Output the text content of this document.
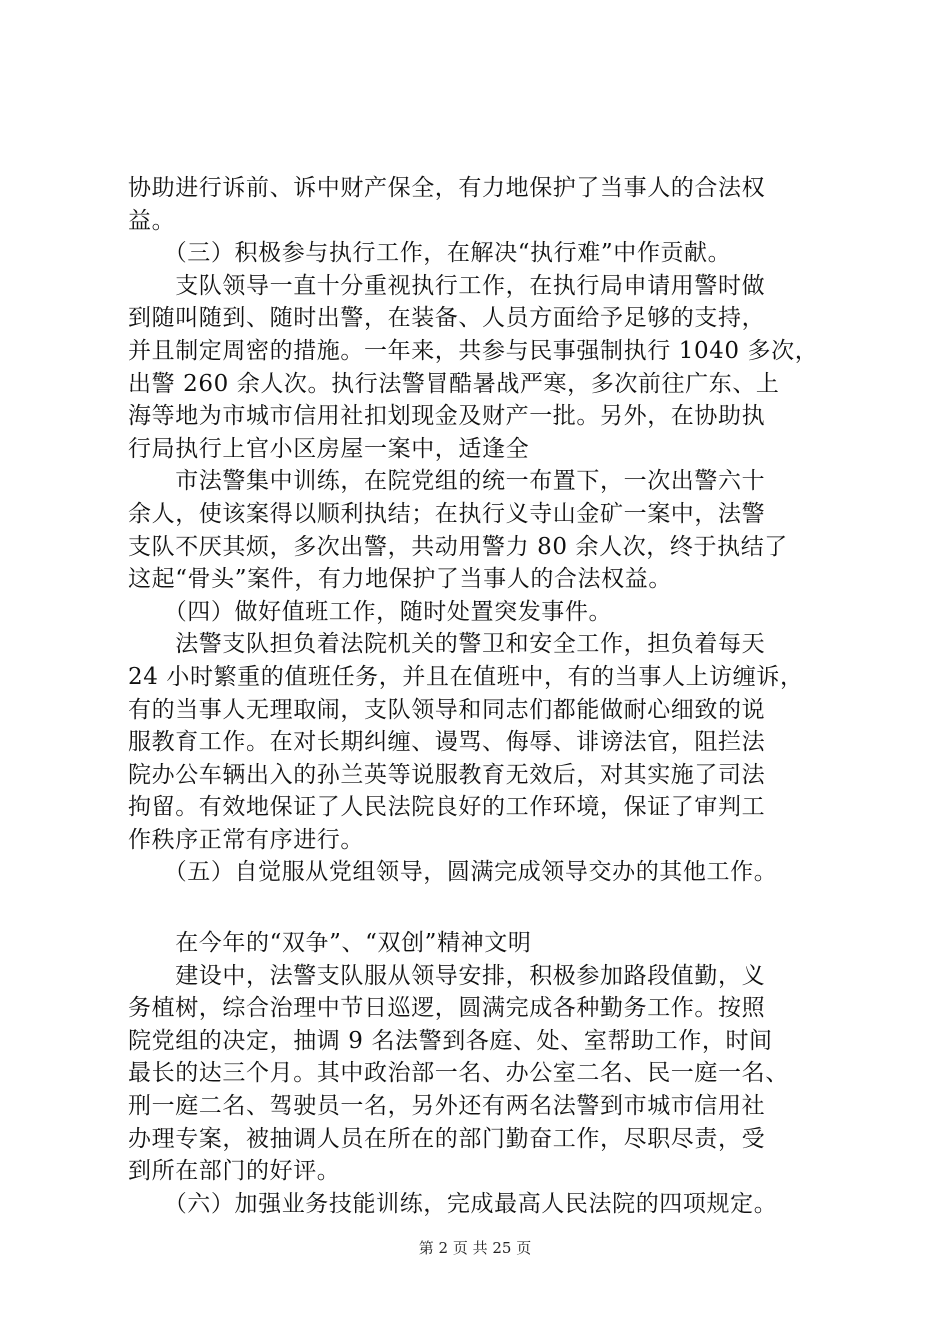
协助进行诉前、诉中财产保全，有力地保护了当事人的合法权
益。
　　（三）积极参与执行工作，在解决“执行难”中作贡献。
　　支队领导一直十分重视执行工作，在执行局申请用警时做
到随叫随到、随时出警，在装备、人员方面给予足够的支持，
并且制定周密的措施。一年来，共参与民事强制执行 1040 多次，
出警 260 余人次。执行法警冒酷暑战严寒，多次前往广东、上
海等地为市城市信用社扣划现金及财产一批。另外，在协助执
行局执行上官小区房屋一案中，适逢全
　　市法警集中训练，在院党组的统一布置下，一次出警六十
余人，使该案得以顺利执结；在执行义寺山金矿一案中，法警
支队不厌其烦，多次出警，共动用警力 80 余人次，终于执结了
这起“骨头”案件，有力地保护了当事人的合法权益。
　　（四）做好值班工作，随时处置突发事件。
　　法警支队担负着法院机关的警卫和安全工作，担负着每天
24 小时繁重的值班任务，并且在值班中，有的当事人上访缠诉，
有的当事人无理取闹，支队领导和同志们都能做耐心细致的说
服教育工作。在对长期纠缠、谩骂、侮辱、诽谤法官，阻拦法
院办公车辆出入的孙兰英等说服教育无效后，对其实施了司法
拘留。有效地保证了人民法院良好的工作环境，保证了审判工
作秩序正常有序进行。
　　（五）自觉服从党组领导，圆满完成领导交办的其他工作。
　　在今年的“双争”、“双创”精神文明
　　建设中，法警支队服从领导安排，积极参加路段值勤，义
务植树，综合治理中节日巡逻，圆满完成各种勤务工作。按照
院党组的决定，抽调 9 名法警到各庭、处、室帮助工作，时间
最长的达三个月。其中政治部一名、办公室二名、民一庭一名、
刑一庭二名、驾驶员一名，另外还有两名法警到市城市信用社
办理专案，被抽调人员在所在的部门勤奋工作，尽职尽责，受
到所在部门的好评。
　　（六）加强业务技能训练，完成最高人民法院的四项规定。
第 2 页 共 25 页
